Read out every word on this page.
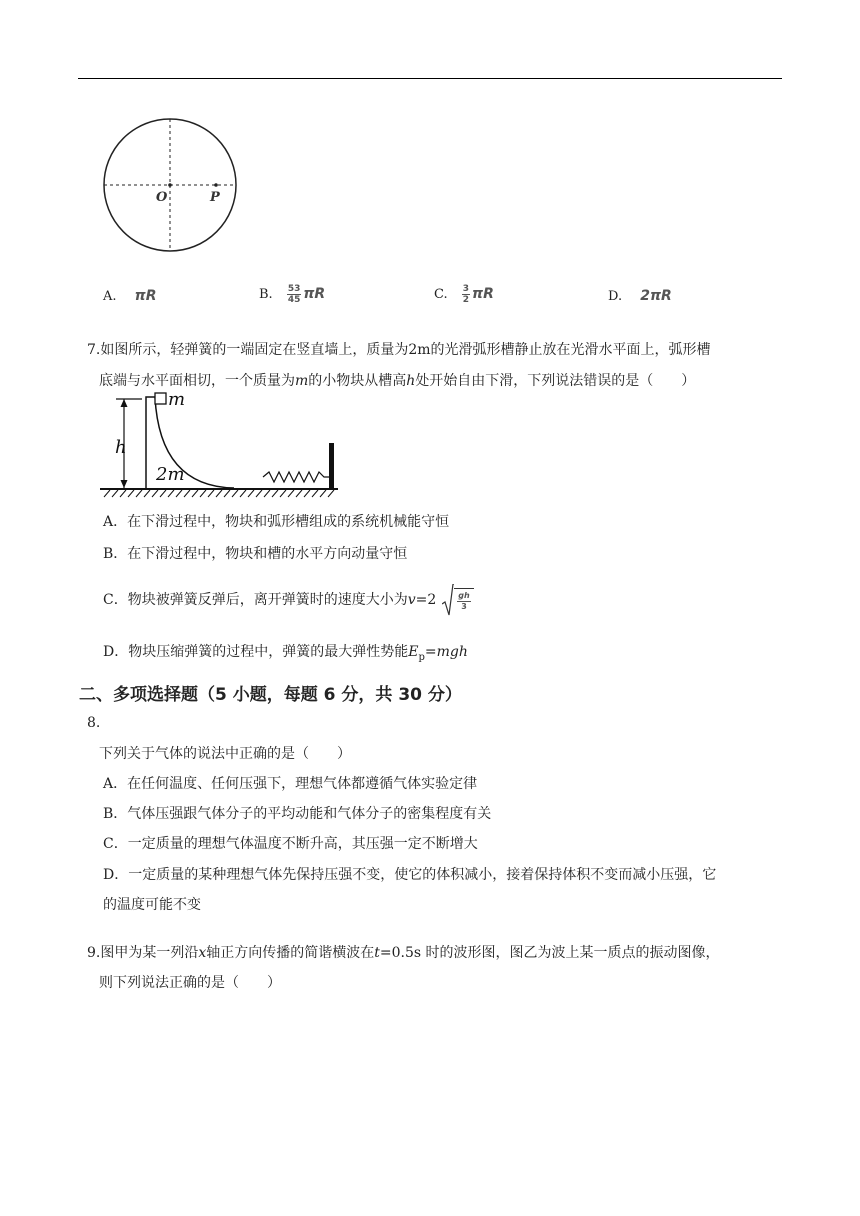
O	P
A. πR	B. $\frac{53}{45}$ πR	C. $\frac{3}{2}$ πR	D. 2πR
7.如图所示，轻弹簧的一端固定在竖直墙上，质量为2m的光滑弧形槽静止放在光滑水平面上，弧形槽
底端与水平面相切，一个质量为m的小物块从槽高h处开始自由下滑，下列说法错误的是（　　）
h
2m
m
A．在下滑过程中，物块和弧形槽组成的系统机械能守恒
B．在下滑过程中，物块和槽的水平方向动量守恒
C．物块被弹簧反弹后，离开弹簧时的速度大小为 $v =2 \frac{gh}{3}$
D．物块压缩弹簧的过程中，弹簧的最大弹性势能$E_p=mgh$
二、多项选择题（5 小题，每题 6 分，共 30 分）
8.
下列关于气体的说法中正确的是（　　）
A．在任何温度、任何压强下，理想气体都遵循气体实验定律
B．气体压强跟气体分子的平均动能和气体分子的密集程度有关
C．一定质量的理想气体温度不断升高，其压强一定不断增大
D．一定质量的某种理想气体先保持压强不变，使它的体积减小，接着保持体积不变而减小压强，它
的温度可能不变
9.图甲为某一列沿x轴正方向传播的简谐横波在t=0.5s 时的波形图，图乙为波上某一质点的振动图像，
则下列说法正确的是（　　）
